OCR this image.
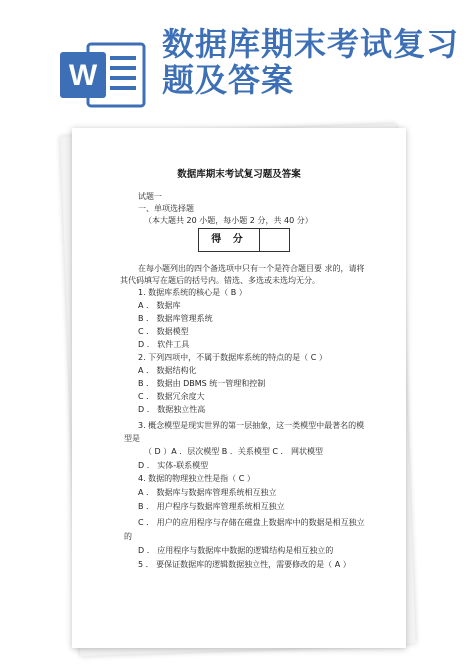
W
数据库期末考试复习题及答案
数据库期末考试复习题及答案
试题一
一、单项选择题
（本大题共 20 小题，每小题 2 分，共 40 分）
得 分
在每小题列出的四个备选项中只有一个是符合题目要 求的，请将
其代码填写在题后的括号内。错选、多选或未选均无分。
1. 数据库系统的核心是（ B ）
A ． 数据库
B ． 数据库管理系统
C ． 数据模型
D ． 软件工具
2. 下列四项中，不属于数据库系统的特点的是（ C ）
A ． 数据结构化
B ． 数据由 DBMS 统一管理和控制
C ． 数据冗余度大
D ． 数据独立性高
3. 概念模型是现实世界的第一层抽象，这一类模型中最著名的模
型是
（ D ）A ．层次模型 B ．关系模型 C ． 网状模型
D ． 实体-联系模型
4. 数据的物理独立性是指（ C ）
A ． 数据库与数据库管理系统相互独立
B ． 用户程序与数据库管理系统相互独立
C ． 用户的应用程序与存储在磁盘上数据库中的数据是相互独立
的
D ． 应用程序与数据库中数据的逻辑结构是相互独立的
5 ． 要保证数据库的逻辑数据独立性，需要修改的是（ A ）
